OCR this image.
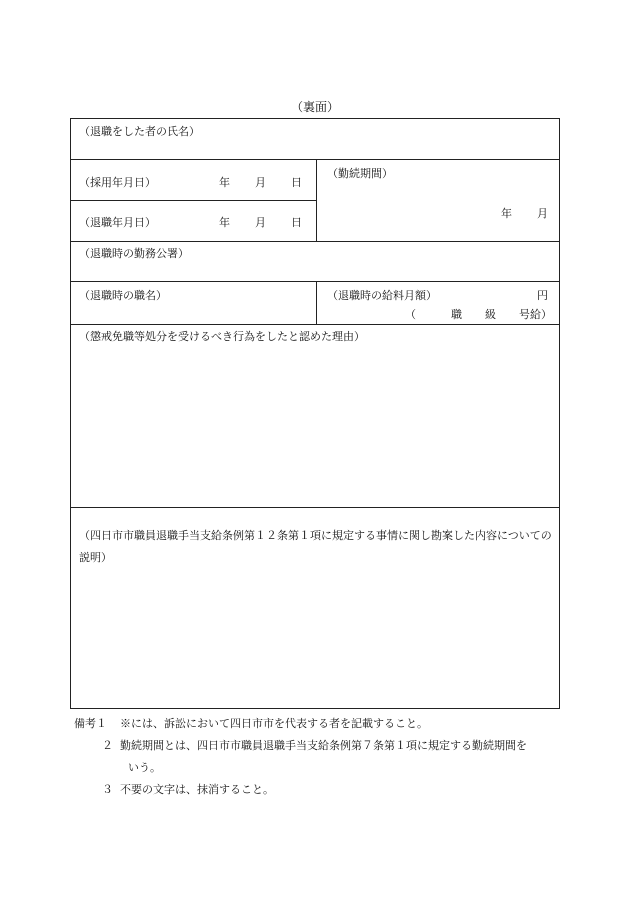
（裏面）
（退職をした者の氏名）
（採用年月日）	年 月 日
（退職年月日）	年 月 日
（勤続期間）
年 月
（退職時の勤務公署）
（退職時の職名）	（退職時の給料月額）	円
（	職 級 号給）
（懲戒免職等処分を受けるべき行為をしたと認めた理由）
（四日市市職員退職手当支給条例第１２条第１項に規定する事情に関し勘案した内容についての説明）
備考１ ※には、訴訟において四日市市を代表する者を記載すること。
２ 勤続期間とは、四日市市職員退職手当支給条例第７条第１項に規定する勤続期間を
いう。
３ 不要の文字は、抹消すること。
